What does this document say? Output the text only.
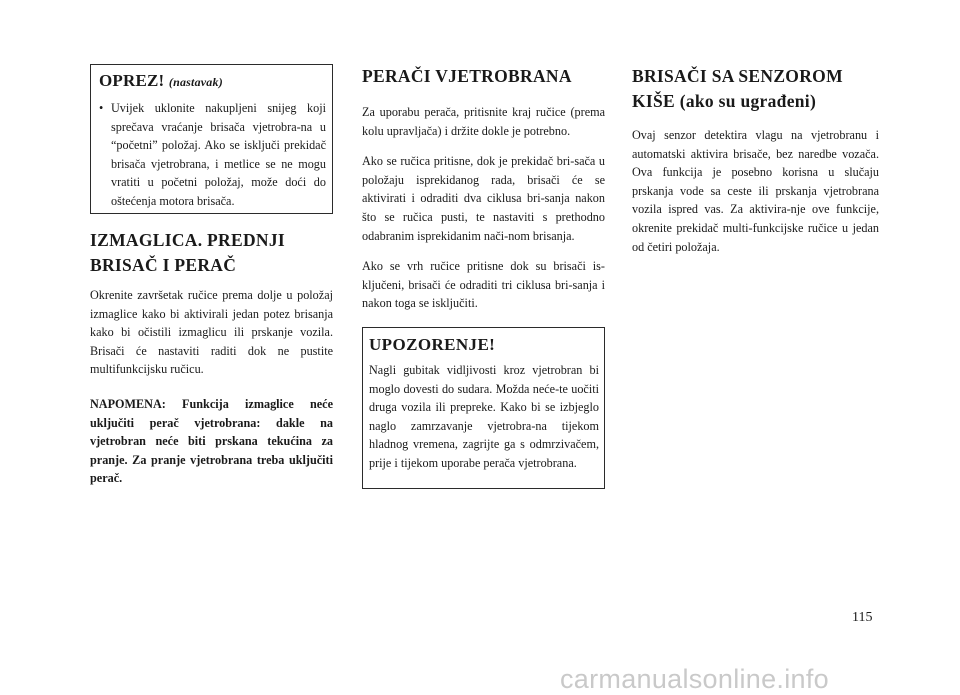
OPREZ! (nastavak)
• Uvijek uklonite nakupljeni snijeg koji sprečava vraćanje brisača vjetrobra-na u “početni” položaj. Ako se isključi prekidač brisača vjetrobrana, i metlice se ne mogu vratiti u početni položaj, može doći do oštećenja motora brisača.
IZMAGLICA. PREDNJI
BRISAČ I PERAČ

Okrenite završetak ručice prema dolje u položaj izmaglice kako bi aktivirali jedan potez brisanja kako bi očistili izmaglicu ili prskanje vozila. Brisači će nastaviti raditi dok ne pustite multifunkcijsku ručicu.

NAPOMENA: Funkcija izmaglice neće uključiti perač vjetrobrana: dakle na vjetrobran neće biti prskana tekućina za pranje. Za pranje vjetrobrana treba uključiti perač.

PERAČI VJETROBRANA

Za uporabu perača, pritisnite kraj ručice (prema kolu upravljača) i držite dokle je potrebno.

Ako se ručica pritisne, dok je prekidač bri-sača u položaju isprekidanog rada, brisači će se aktivirati i odraditi dva ciklusa bri-sanja nakon što se ručica pusti, te nastaviti s prethodno odabranim isprekidanim nači-nom brisanja.

Ako se vrh ručice pritisne dok su brisači is-ključeni, brisači će odraditi tri ciklusa bri-sanja i nakon toga se isključiti.

UPOZORENJE!

Nagli gubitak vidljivosti kroz vjetrobran bi moglo dovesti do sudara. Možda neće-te uočiti druga vozila ili prepreke. Kako bi se izbjeglo naglo zamrzavanje vjetrobra-na tijekom hladnog vremena, zagrijte ga s odmrzivačem, prije i tijekom uporabe perača vjetrobrana.

BRISAČI SA SENZOROM
KIŠE (ako su ugrađeni)

Ovaj senzor detektira vlagu na vjetrobranu i automatski aktivira brisače, bez naredbe vozača. Ova funkcija je posebno korisna u slučaju prskanja vode sa ceste ili prskanja vjetrobrana vozila ispred vas. Za aktivira-nje ove funkcije, okrenite prekidač multi-funkcijske ručice u jedan od četiri položaja.

115
carmanualsonline.info
